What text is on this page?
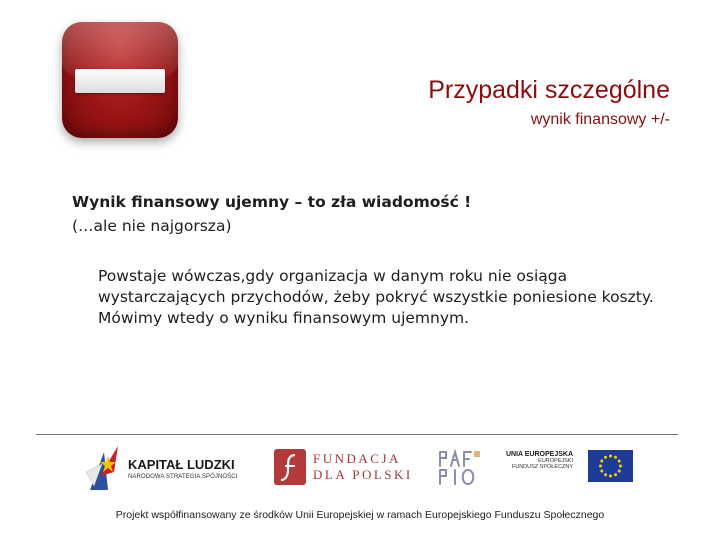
Przypadki szczególne
wynik finansowy +/-
Wynik finansowy ujemny – to zła wiadomość !
(…ale nie najgorsza)
Powstaje wówczas,gdy organizacja w danym roku nie osiąga wystarczających przychodów, żeby pokryć wszystkie poniesione koszty. Mówimy wtedy o wyniku finansowym ujemnym.
KAPITAŁ LUDZKI
NARODOWA STRATEGIA SPÓJNOŚCI
FUNDACJA
DLA POLSKI
UNIA EUROPEJSKA
EUROPEJSKI
FUNDUSZ SPOŁECZNY
Projekt współfinansowany ze środków Unii Europejskiej w ramach Europejskiego Funduszu Społecznego
